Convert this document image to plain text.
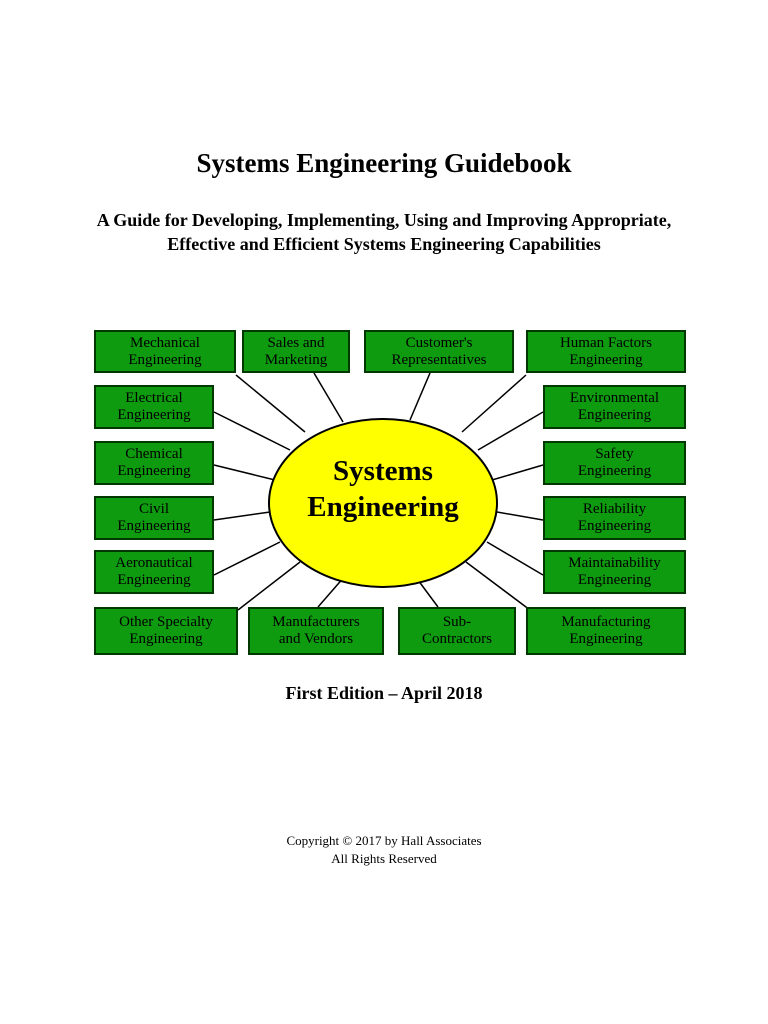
Systems Engineering Guidebook

A Guide for Developing, Implementing, Using and Improving Appropriate, Effective and Efficient Systems Engineering Capabilities

Systems
Engineering
Mechanical
Engineering
Sales and
Marketing
Customer's
Representatives
Human Factors
Engineering
Electrical
Engineering
Environmental
Engineering
Chemical
Engineering
Safety
Engineering
Civil
Engineering
Reliability
Engineering
Aeronautical
Engineering
Maintainability
Engineering
Other Specialty
Engineering
Manufacturers
and Vendors
Sub-
Contractors
Manufacturing
Engineering
First Edition – April 2018
Copyright © 2017 by Hall Associates
All Rights Reserved
